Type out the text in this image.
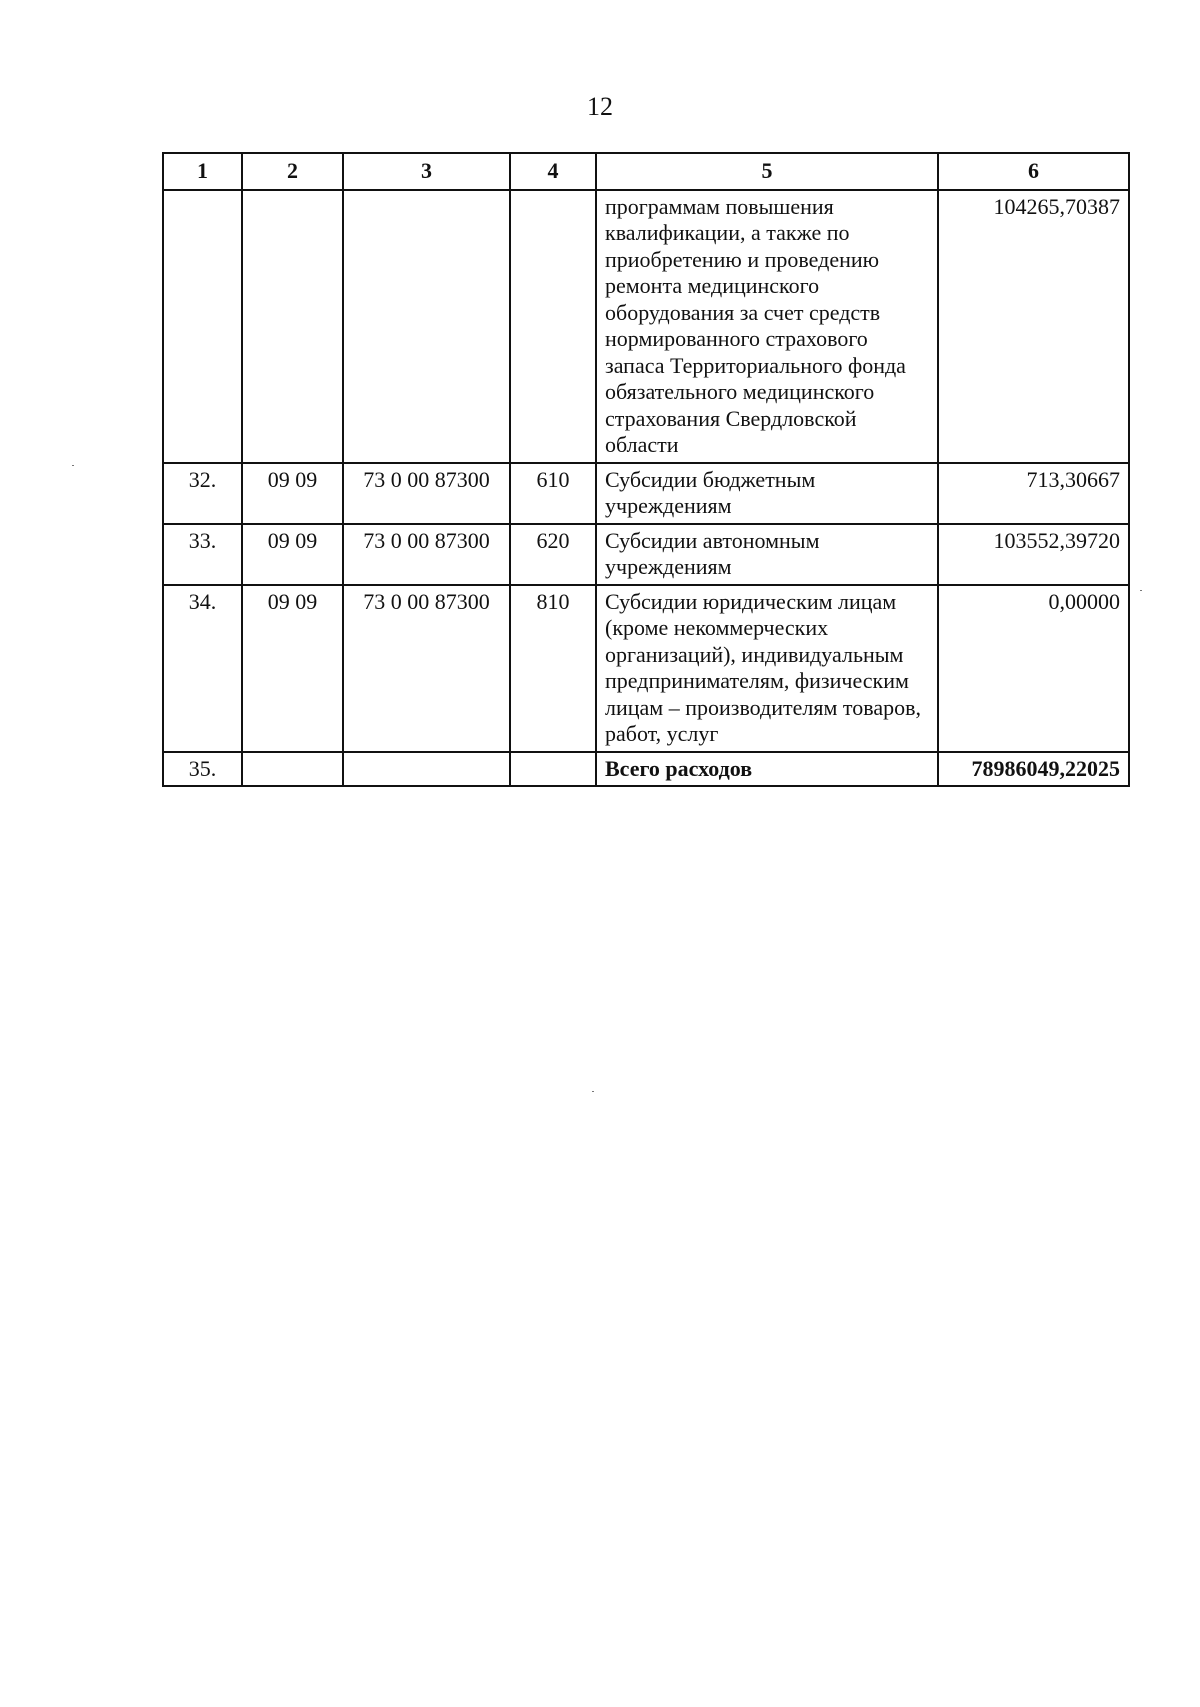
12
1	2	3	4	5	6
				программам повышения квалификации, а также по приобретению и проведению ремонта медицинского оборудования за счет средств нормированного страхового запаса Территориального фонда обязательного медицинского страхования Свердловской области	104265,70387
32.	09 09	73 0 00 87300	610	Субсидии бюджетным учреждениям	713,30667
33.	09 09	73 0 00 87300	620	Субсидии автономным учреждениям	103552,39720
34.	09 09	73 0 00 87300	810	Субсидии юридическим лицам (кроме некоммерческих организаций), индивидуальным предпринимателям, физическим лицам – производителям товаров, работ, услуг	0,00000
35.				Всего расходов	78986049,22025
